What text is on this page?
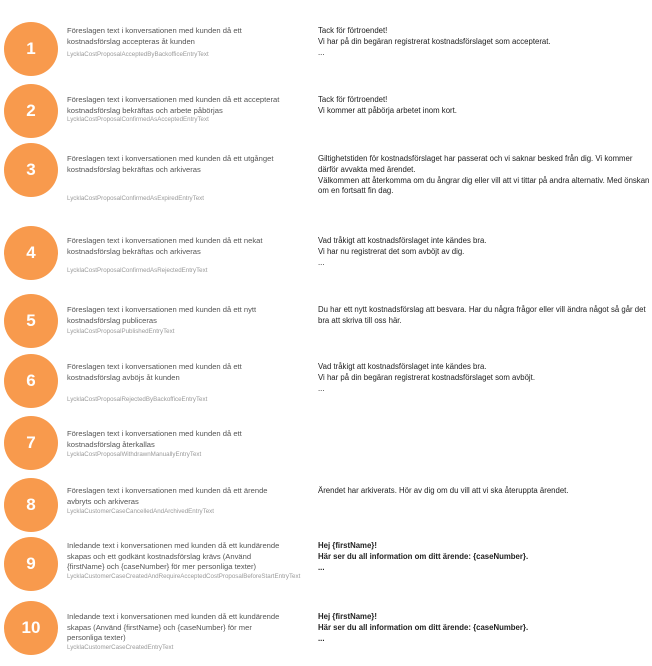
1
Föreslagen text i konversationen med kunden då ett kostnadsförslag accepteras åt kunden
LycklaCostProposalAcceptedByBackofficeEntryText
Tack för förtroendet!
Vi har på din begäran registrerat kostnadsförslaget som accepterat.
...
2
Föreslagen text i konversationen med kunden då ett accepterat kostnadsförslag bekräftas och arbete påbörjas
LycklaCostProposalConfirmedAsAcceptedEntryText
Tack för förtroendet!
Vi kommer att påbörja arbetet inom kort.
3
Föreslagen text i konversationen med kunden då ett utgånget kostnadsförslag bekräftas och arkiveras
LycklaCostProposalConfirmedAsExpiredEntryText
Giltighetstiden för kostnadsförslaget har passerat och vi saknar besked från dig. Vi kommer därför avvakta med ärendet.
Välkommen att återkomma om du ångrar dig eller vill att vi tittar på andra alternativ. Med önskan om en fortsatt fin dag.
4
Föreslagen text i konversationen med kunden då ett nekat kostnadsförslag bekräftas och arkiveras
LycklaCostProposalConfirmedAsRejectedEntryText
Vad tråkigt att kostnadsförslaget inte kändes bra.
Vi har nu registrerat det som avböjt av dig.
...
5
Föreslagen text i konversationen med kunden då ett nytt kostnadsförslag publiceras
LycklaCostProposalPublishedEntryText
Du har ett nytt kostnadsförslag att besvara. Har du några frågor eller vill ändra något så går det bra att skriva till oss här.
6
Föreslagen text i konversationen med kunden då ett kostnadsförslag avböjs åt kunden
LycklaCostProposalRejectedByBackofficeEntryText
Vad tråkigt att kostnadsförslaget inte kändes bra.
Vi har på din begäran registrerat kostnadsförslaget som avböjt.
...
7	Föreslagen text i konversationen med kunden då ett kostnadsförslag återkallas
LycklaCostProposalWithdrawnManuallyEntryText
8
Föreslagen text i konversationen med kunden då ett ärende avbryts och arkiveras
LycklaCustomerCaseCancelledAndArchivedEntryText
Ärendet har arkiverats. Hör av dig om du vill att vi ska återuppta ärendet.
9
Inledande text i konversationen med kunden då ett kundärende skapas och ett godkänt kostnadsförslag krävs (Använd {firstName} och {caseNumber} för mer personliga texter)
LycklaCustomerCaseCreatedAndRequireAcceptedCostProposalBeforeStartEntryText
Hej {firstName}!
Här ser du all information om ditt ärende: {caseNumber}.
...
10
Inledande text i konversationen med kunden då ett kundärende skapas (Använd {firstName} och {caseNumber} för mer personliga texter)
LycklaCustomerCaseCreatedEntryText
Hej {firstName}!
Här ser du all information om ditt ärende: {caseNumber}.
...
